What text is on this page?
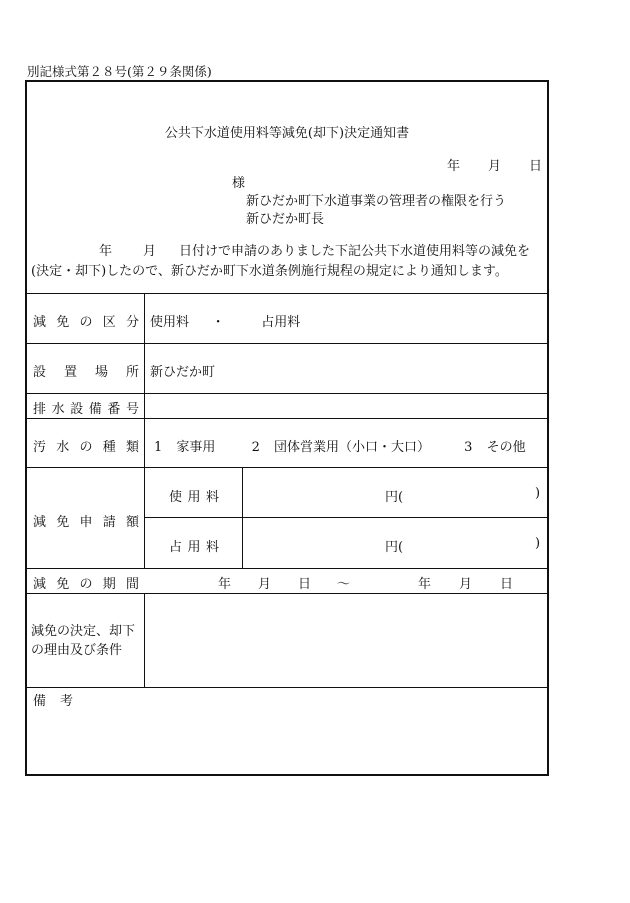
別記様式第２８号(第２９条関係)
公共下水道使用料等減免(却下)決定通知書
年 月 日
様
新ひだか町下水道事業の管理者の権限を行う
新ひだか町長
年 月 日付けで申請のありました下記公共下水道使用料等の減免を
(決定・却下)したので、新ひだか町下水道条例施行規程の規定により通知します。
減 免 の 区 分 使用料 ・	占用料
設 置 場 所 新ひだか町
排 水 設 備 番 号
汚 水 の 種 類 1 家事用	2 団体営業用（小口・大口）	3 その他
減 免 申 請 額
使 用 料	円(	)
占 用 料	円(	)
減 免 の 期 間	年 月 日 ～	年 月 日
減免の決定、却下
の理由及び条件
備 考
